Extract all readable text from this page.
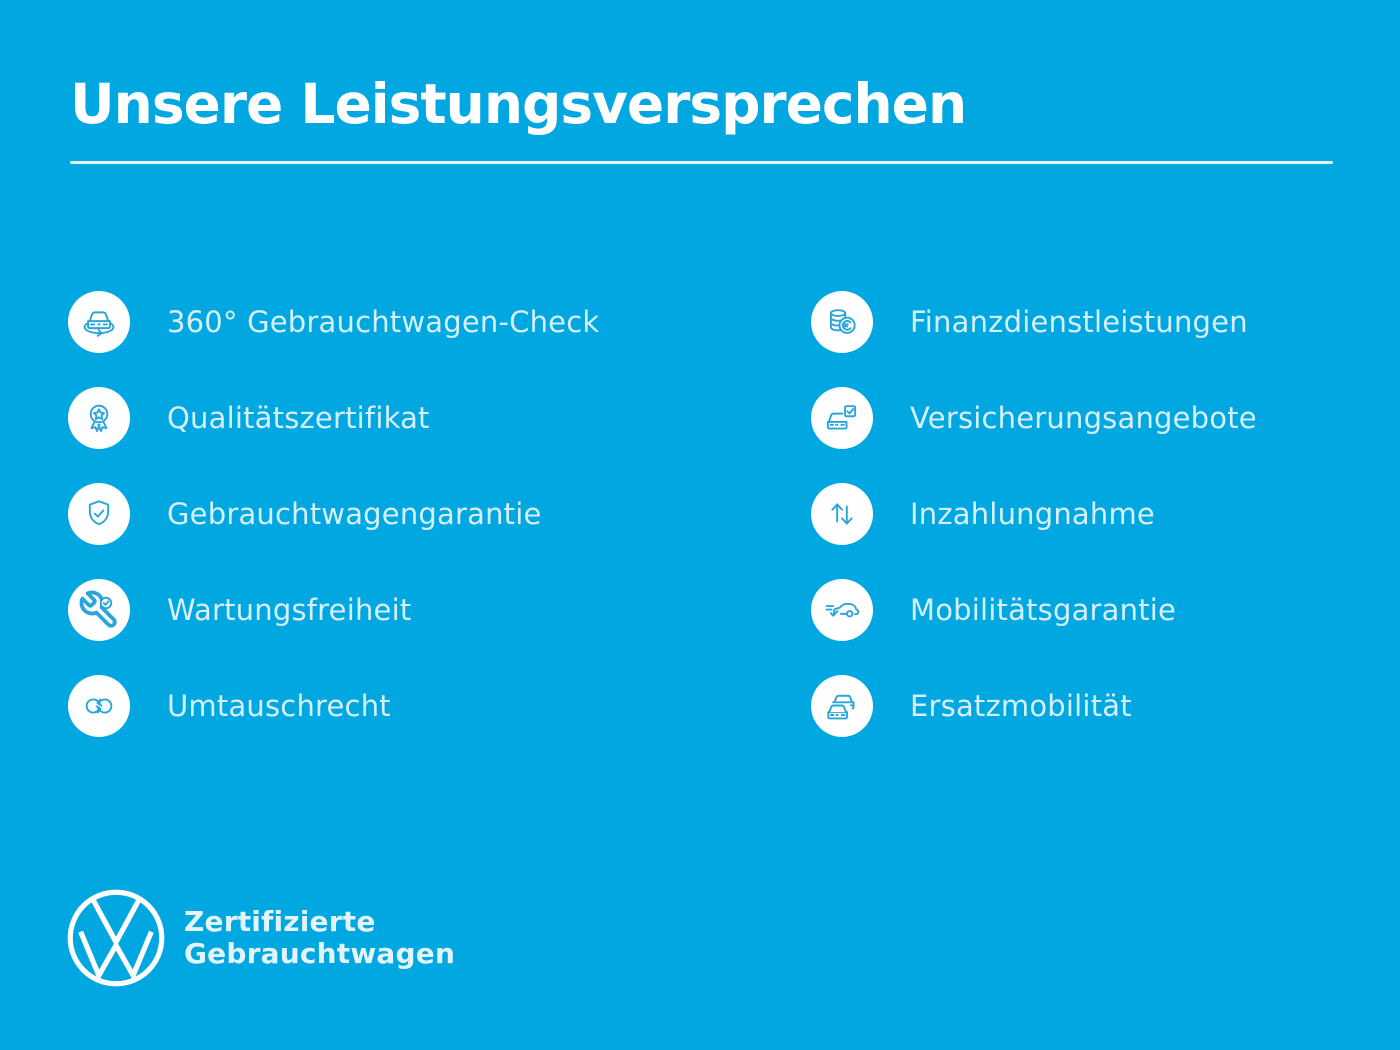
Unsere Leistungsversprechen
360° Gebrauchtwagen-Check
Qualitätszertifikat
Gebrauchtwagengarantie
Wartungsfreiheit
Umtauschrecht
Finanzdienstleistungen
Versicherungsangebote
Inzahlungnahme
Mobilitätsgarantie
Ersatzmobilität
Zertifizierte
Gebrauchtwagen
